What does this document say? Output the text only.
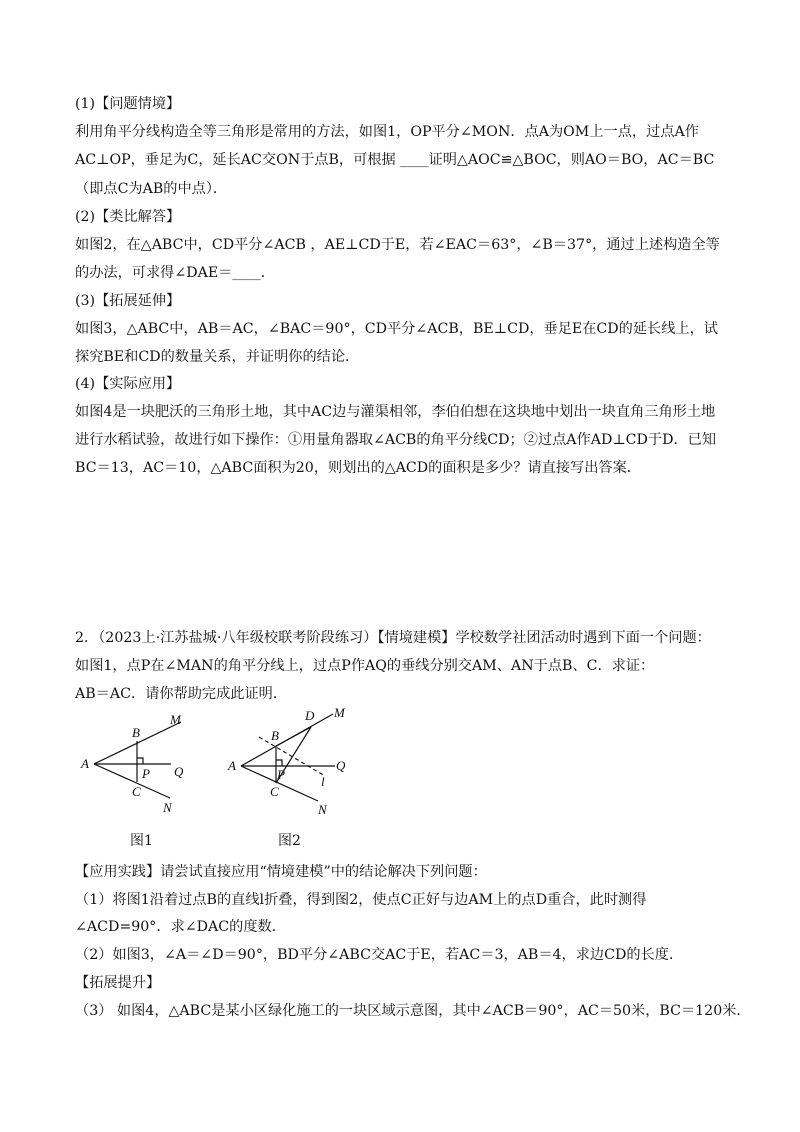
(1)【问题情境】
利用角平分线构造全等三角形是常用的方法，如图1，OP平分∠MON．点A为OM上一点，过点A作
AC⊥OP，垂足为C，延长AC交ON于点B，可根据 ____证明△AOC≌△BOC，则AO＝BO，AC＝BC
（即点C为AB的中点）．
(2)【类比解答】
如图2，在△ABC中，CD平分∠ACB ，AE⊥CD于E，若∠EAC＝63°，∠B＝37°，通过上述构造全等
的办法，可求得∠DAE＝____．
(3)【拓展延伸】
如图3，△ABC中，AB＝AC，∠BAC＝90°，CD平分∠ACB，BE⊥CD，垂足E在CD的延长线上，试
探究BE和CD的数量关系，并证明你的结论．
(4)【实际应用】
如图4是一块肥沃的三角形土地，其中AC边与灌渠相邻，李伯伯想在这块地中划出一块直角三角形土地
进行水稻试验，故进行如下操作：①用量角器取∠ACB的角平分线CD；②过点A作AD⊥CD于D．已知
BC＝13，AC＝10，△ABC面积为20，则划出的△ACD的面积是多少？请直接写出答案．
2．（2023上·江苏盐城·八年级校联考阶段练习）【情境建模】学校数学社团活动时遇到下面一个问题：
如图1，点P在∠MAN的角平分线上，过点P作AQ的垂线分别交AM、AN于点B、C．求证：
AB＝AC．请你帮助完成此证明．
A
B
C
P Q
M
N
图1
A
B
C
P
Q
M
D
N
l
图2
【应用实践】请尝试直接应用“情境建模”中的结论解决下列问题：
（1）将图1沿着过点B的直线l折叠，得到图2，使点C正好与边AM上的点D重合，此时测得
∠ACD=90°．求∠DAC的度数．
（2）如图3，∠A＝∠D＝90°，BD平分∠ABC交AC于E，若AC＝3，AB＝4，求边CD的长度．
【拓展提升】
（3） 如图4，△ABC是某小区绿化施工的一块区域示意图，其中∠ACB＝90°，AC＝50米，BC＝120米．
